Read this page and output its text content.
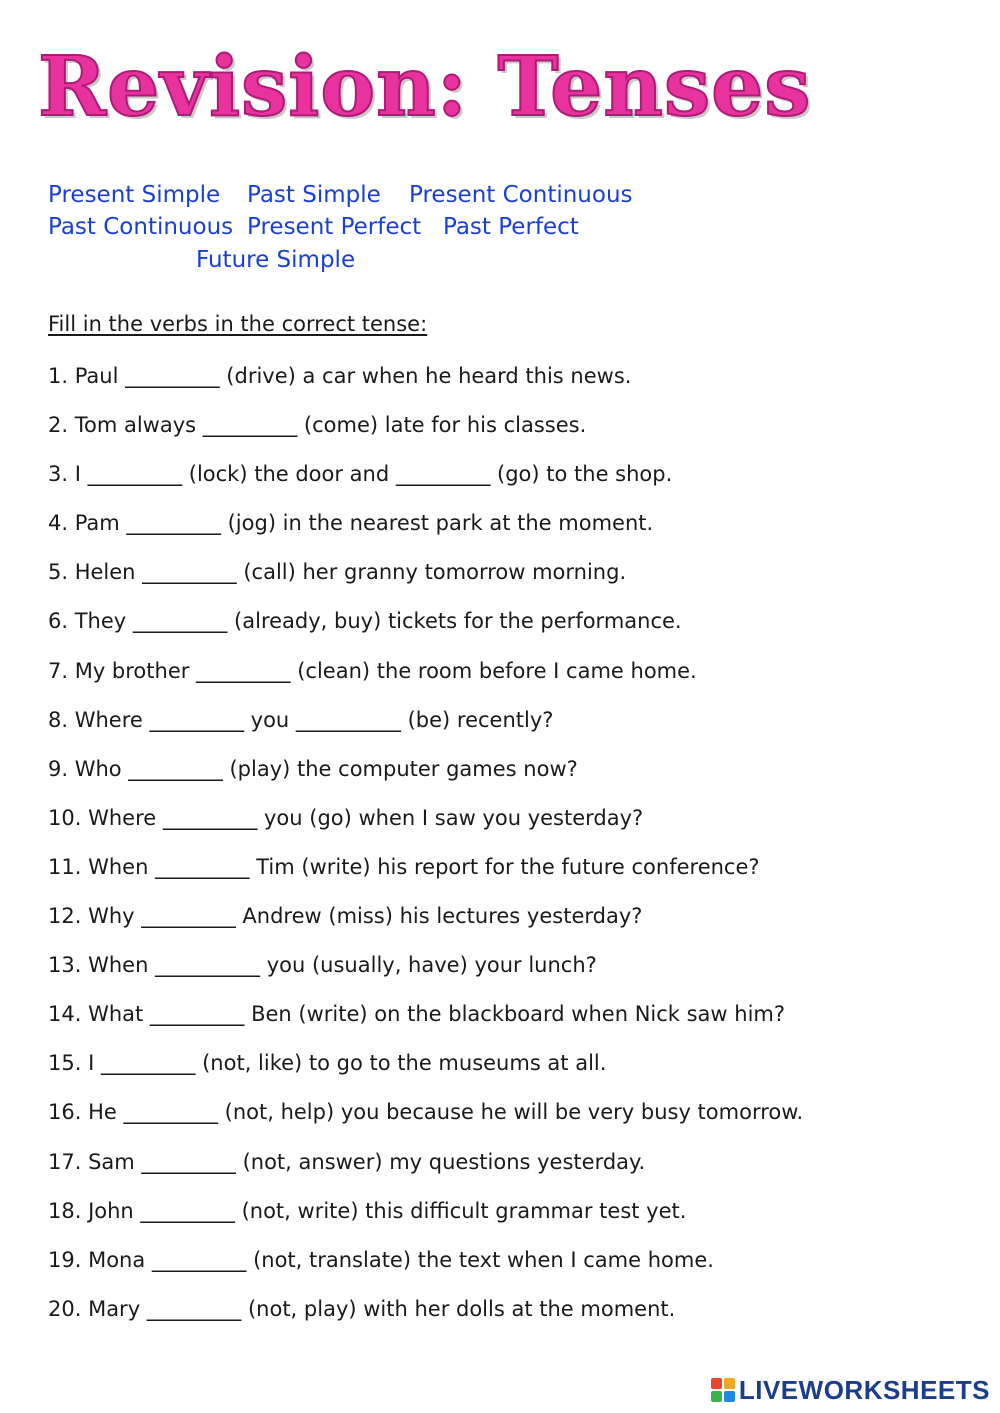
Revision: Tenses
Present Simple Past Simple Present Continuous
Past Continuous Present Perfect Past Perfect
Future Simple
Fill in the verbs in the correct tense:
1. Paul _________ (drive) a car when he heard this news.
2. Tom always _________ (come) late for his classes.
3. I _________ (lock) the door and _________ (go) to the shop.
4. Pam _________ (jog) in the nearest park at the moment.
5. Helen _________ (call) her granny tomorrow morning.
6. They _________ (already, buy) tickets for the performance.
7. My brother _________ (clean) the room before I came home.
8. Where _________ you __________ (be) recently?
9. Who _________ (play) the computer games now?
10. Where _________ you (go) when I saw you yesterday?
11. When _________ Tim (write) his report for the future conference?
12. Why _________ Andrew (miss) his lectures yesterday?
13. When __________ you (usually, have) your lunch?
14. What _________ Ben (write) on the blackboard when Nick saw him?
15. I _________ (not, like) to go to the museums at all.
16. He _________ (not, help) you because he will be very busy tomorrow.
17. Sam _________ (not, answer) my questions yesterday.
18. John _________ (not, write) this difficult grammar test yet.
19. Mona _________ (not, translate) the text when I came home.
20. Mary _________ (not, play) with her dolls at the moment.
LIVEWORKSHEETS
